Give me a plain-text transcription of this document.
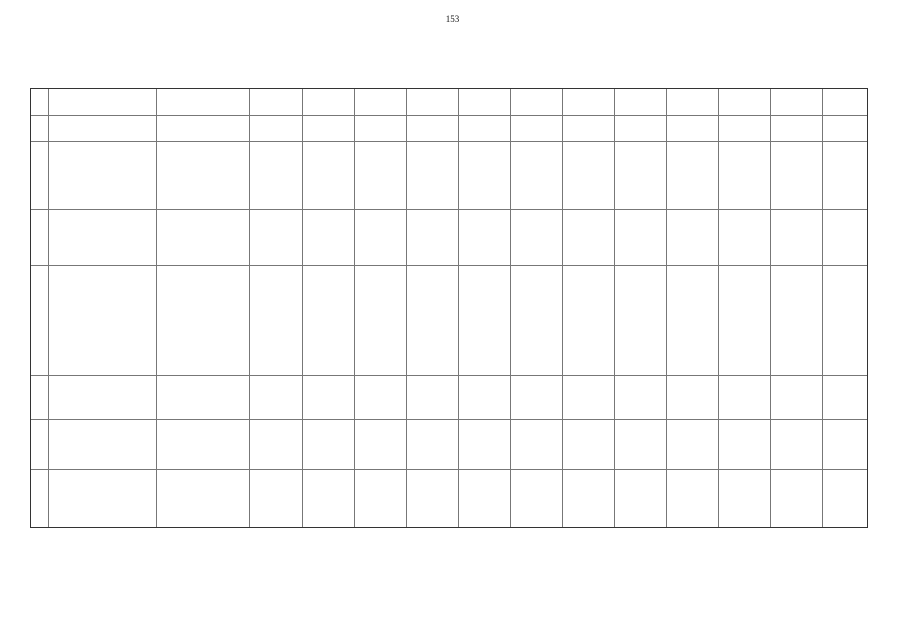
153
